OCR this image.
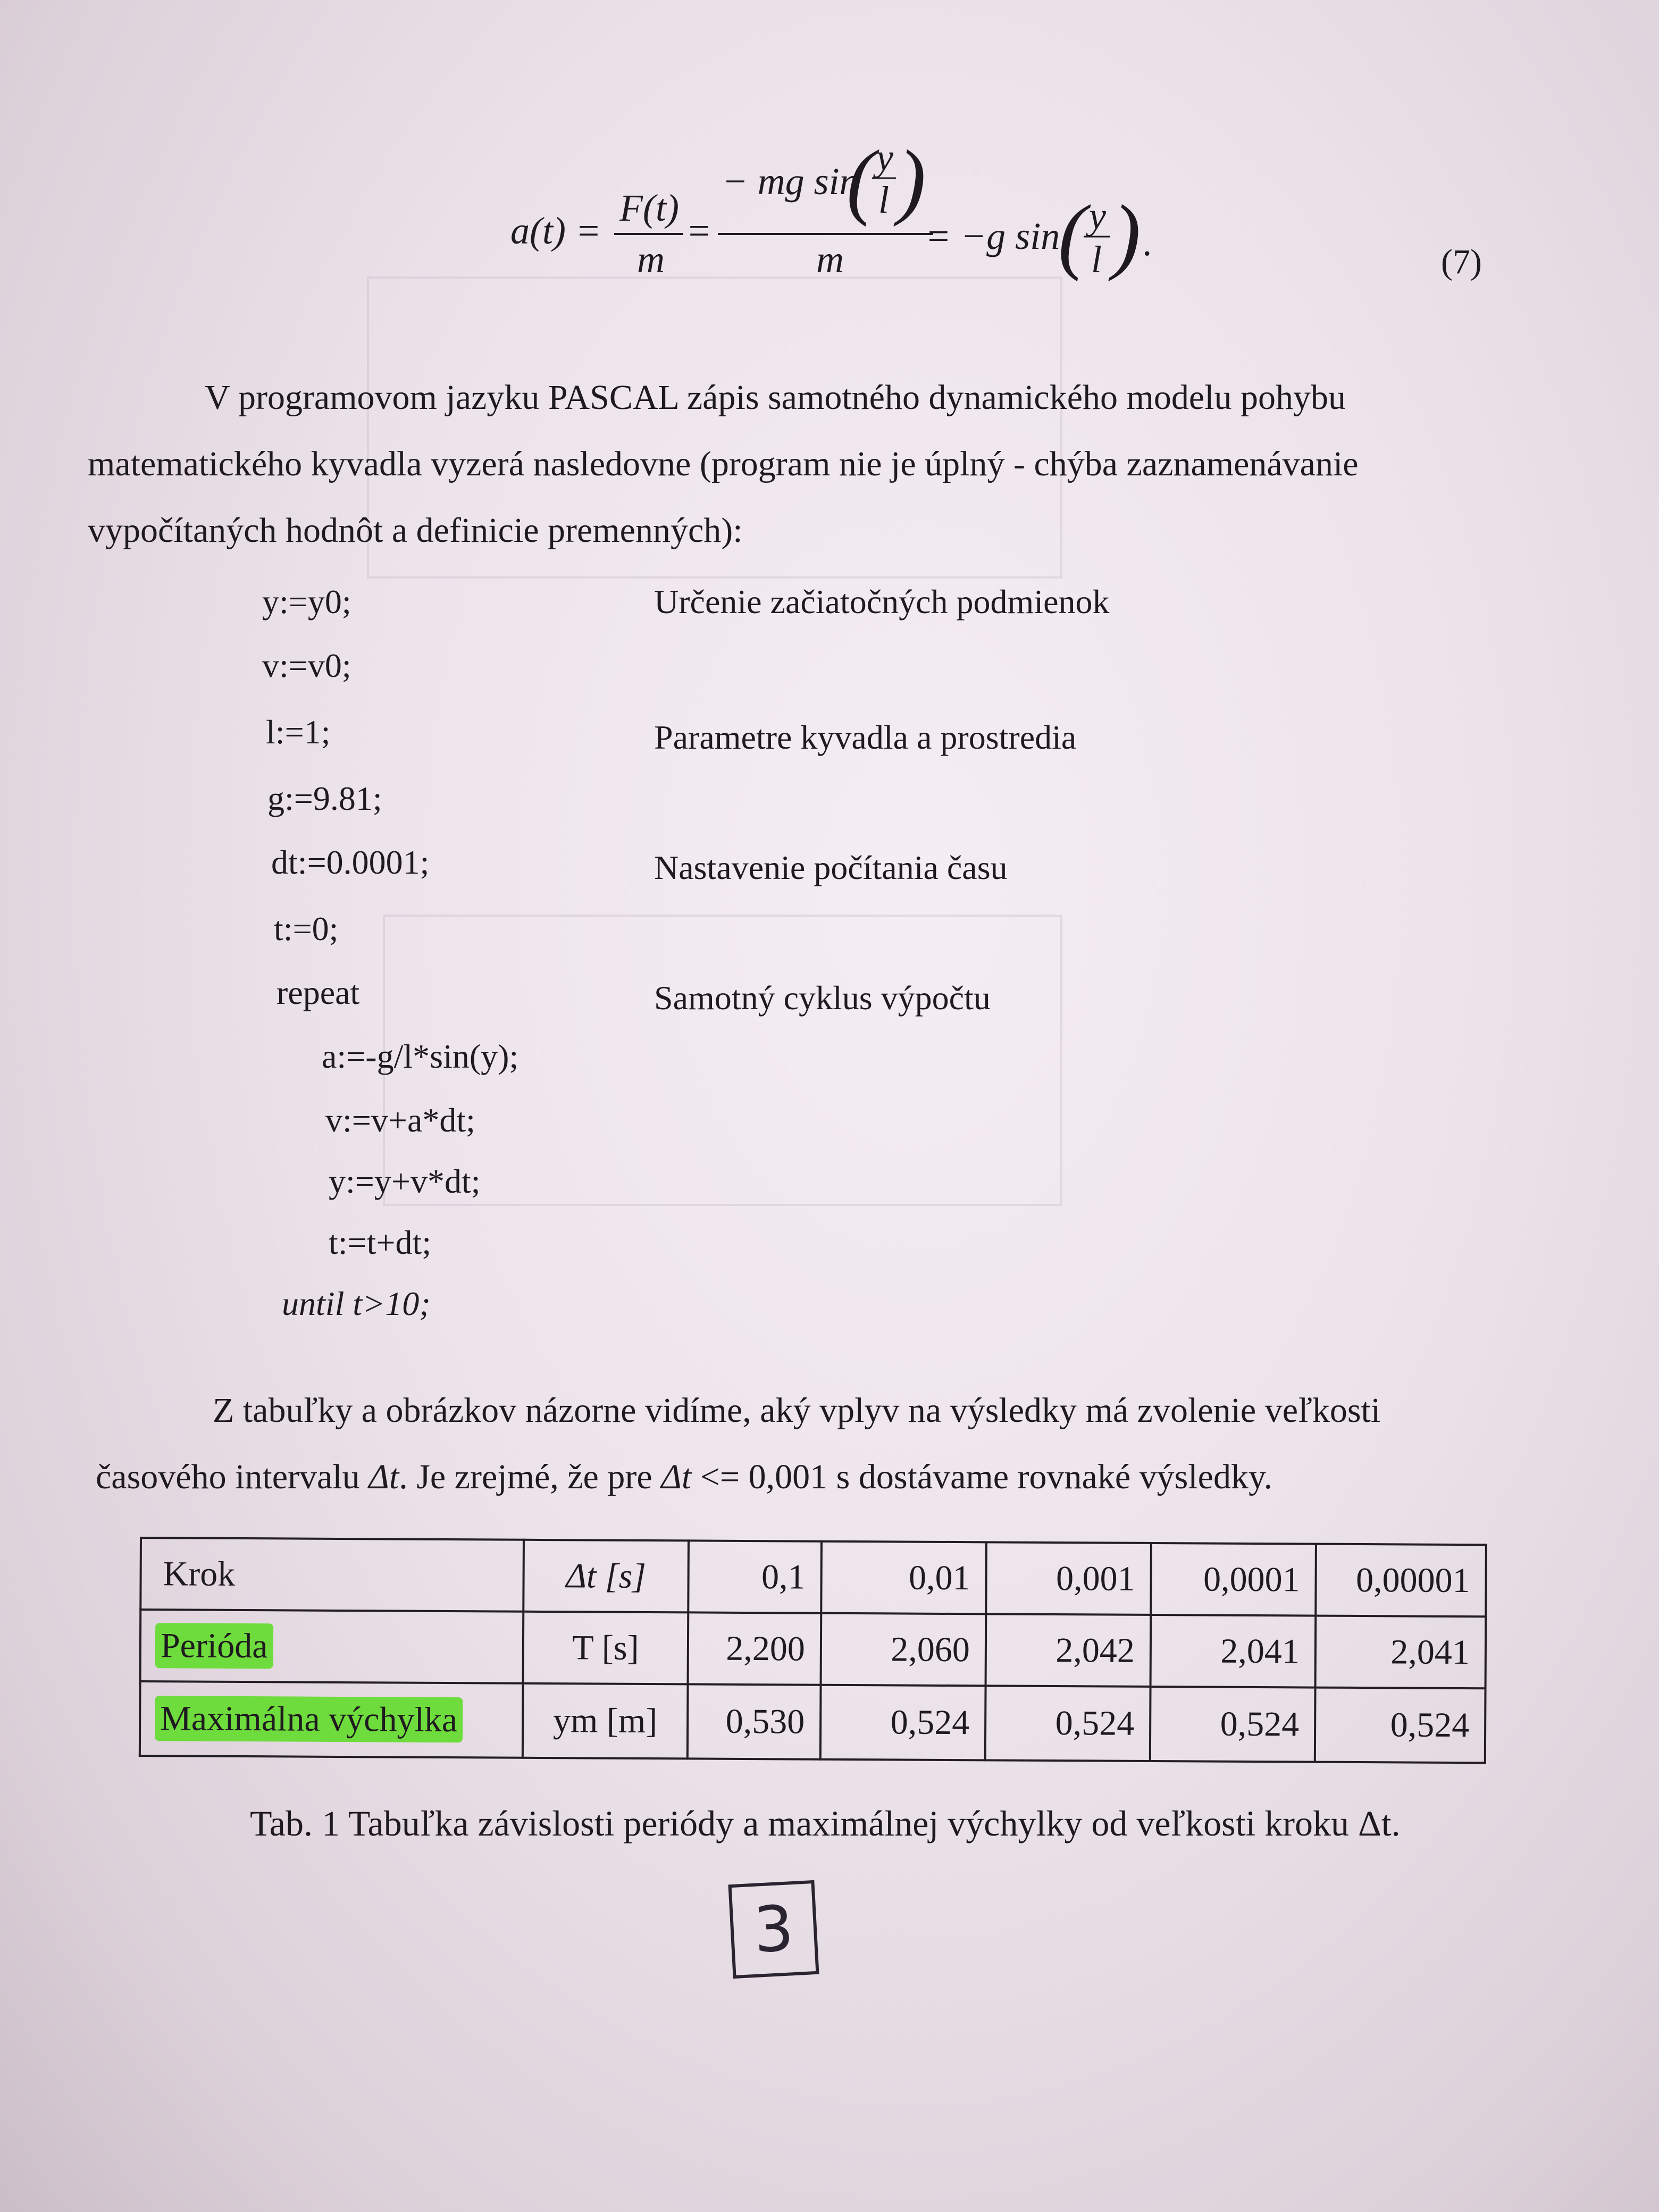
a(t) =
F(t)
m
=
− mg sin
( y
l )
m
= −g sin
( y
l ) .	(7)
V programovom jazyku PASCAL zápis samotného dynamického modelu pohybu
matematického kyvadla vyzerá nasledovne (program nie je úplný - chýba zaznamenávanie
vypočítaných hodnôt a definicie premenných):
y:=y0;
v:=v0;
l:=1;
g:=9.81;
dt:=0.0001;
t:=0;
repeat
a:=-g/l*sin(y);
v:=v+a*dt;
y:=y+v*dt;
t:=t+dt;
until t>10;
Určenie začiatočných podmienok
Parametre kyvadla a prostredia
Nastavenie počítania času
Samotný cyklus výpočtu
Z tabuľky a obrázkov názorne vidíme, aký vplyv na výsledky má zvolenie veľkosti
časového intervalu Δt. Je zrejmé, že pre Δt <= 0,001 s dostávame rovnaké výsledky.
Krok	Δt [s]	0,1	0,01	0,001	0,0001	0,00001
Perióda	T [s]	2,200	2,060	2,042	2,041	2,041
Maximálna výchylka	ym [m]	0,530	0,524	0,524	0,524	0,524
Tab. 1 Tabuľka závislosti periódy a maximálnej výchylky od veľkosti kroku Δt.
3
